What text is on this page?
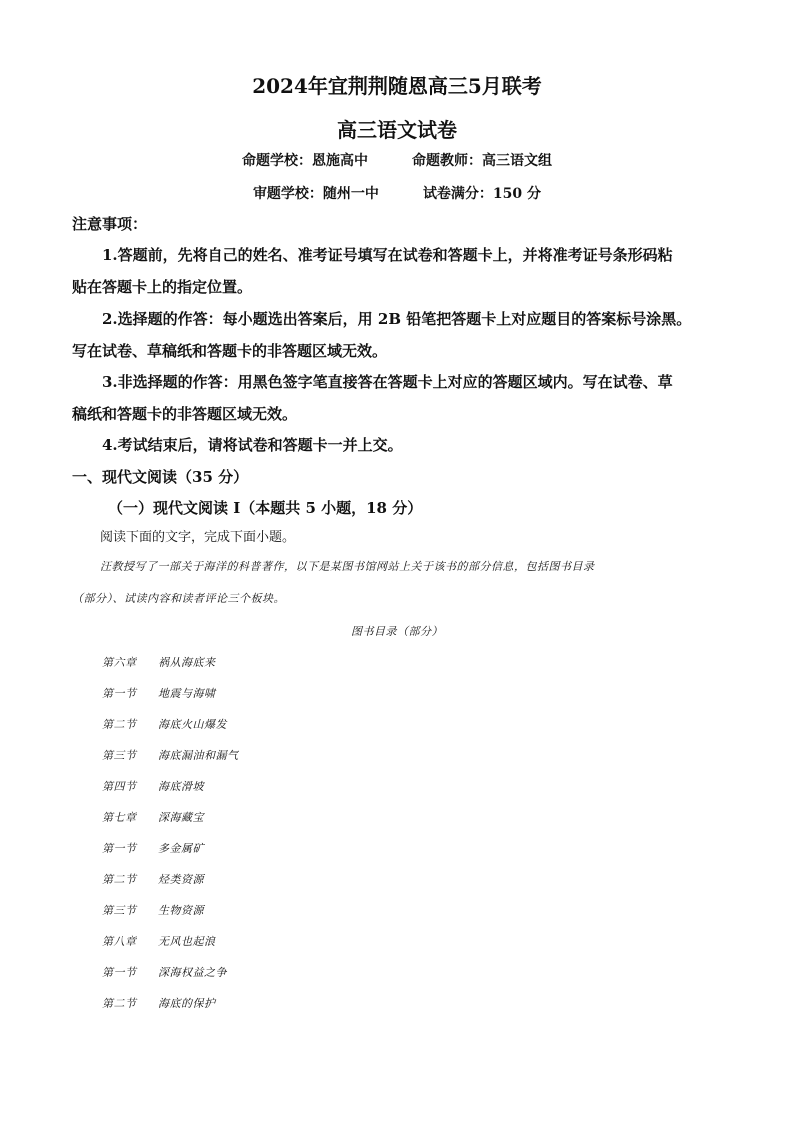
2024年宜荆荆随恩高三5月联考
高三语文试卷
命题学校：恩施高中	命题教师：高三语文组
审题学校：随州一中	试卷满分：150 分
注意事项：
1.答题前，先将自己的姓名、准考证号填写在试卷和答题卡上，并将准考证号条形码粘
贴在答题卡上的指定位置。
2.选择题的作答：每小题选出答案后，用 2B 铅笔把答题卡上对应题目的答案标号涂黑。
写在试卷、草稿纸和答题卡的非答题区域无效。
3.非选择题的作答：用黑色签字笔直接答在答题卡上对应的答题区域内。写在试卷、草
稿纸和答题卡的非答题区域无效。
4.考试结束后，请将试卷和答题卡一并上交。
一、现代文阅读（35 分）
（一）现代文阅读 I（本题共 5 小题，18 分）
阅读下面的文字，完成下面小题。
汪教授写了一部关于海洋的科普著作，以下是某图书馆网站上关于该书的部分信息，包括图书目录
（部分）、试读内容和读者评论三个板块。
图书目录（部分）
第六章 祸从海底来
第一节 地震与海啸
第二节 海底火山爆发
第三节 海底漏油和漏气
第四节 海底滑坡
第七章 深海藏宝
第一节 多金属矿
第二节 烃类资源
第三节 生物资源
第八章 无风也起浪
第一节 深海权益之争
第二节 海底的保护
